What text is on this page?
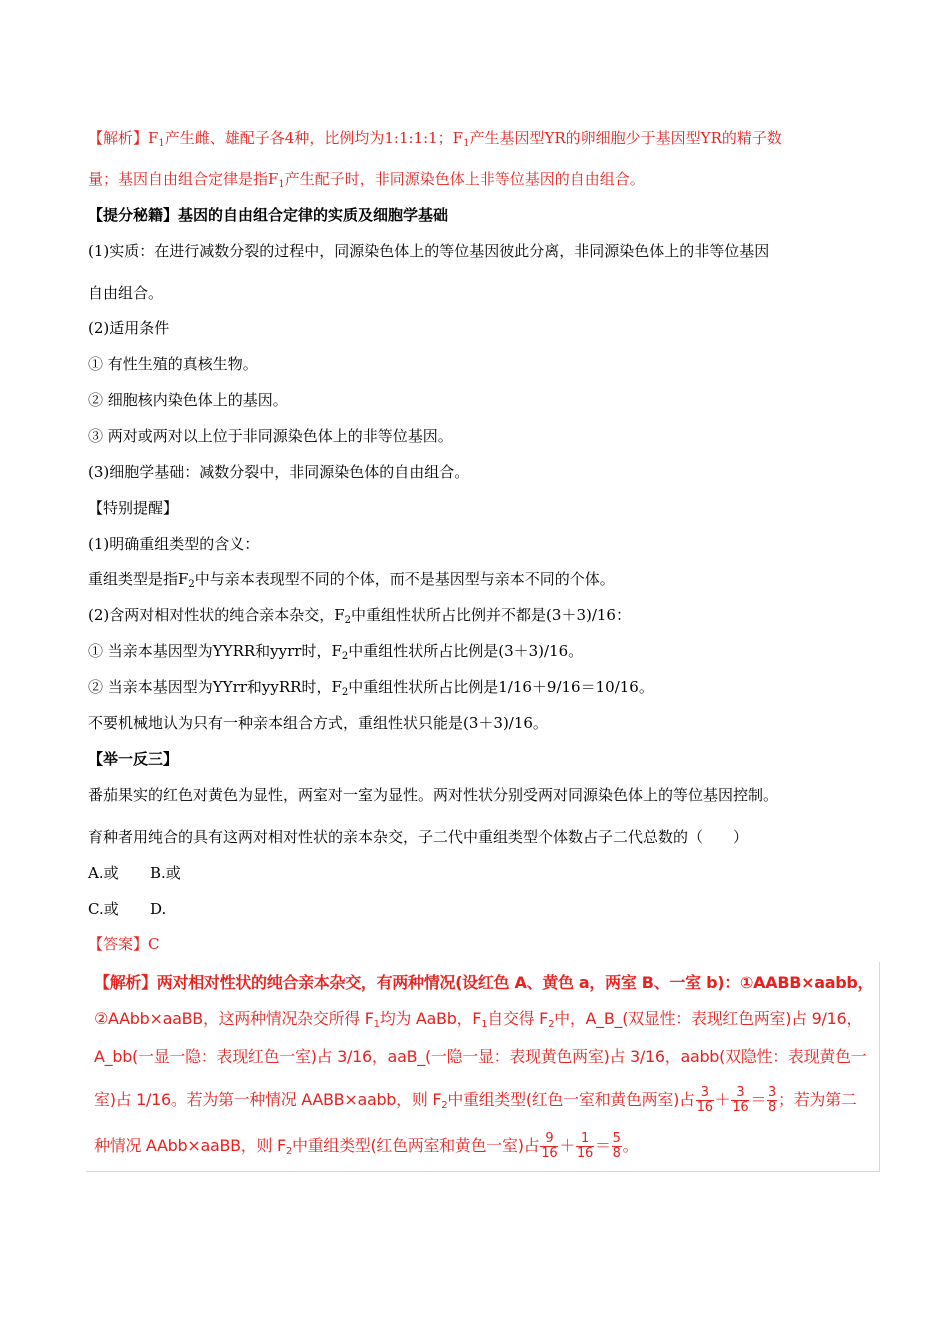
【解析】$F_1$产生雌、雄配子各4种，比例均为1:1:1:1；$F_1$产生基因型YR的卵细胞少于基因型YR的精子数
量；基因自由组合定律是指$F_1$产生配子时，非同源染色体上非等位基因的自由组合。
【提分秘籍】基因的自由组合定律的实质及细胞学基础
(1)实质：在进行减数分裂的过程中，同源染色体上的等位基因彼此分离，非同源染色体上的非等位基因
自由组合。
(2)适用条件
① 有性生殖的真核生物。
② 细胞核内染色体上的基因。
③ 两对或两对以上位于非同源染色体上的非等位基因。
(3)细胞学基础：减数分裂中，非同源染色体的自由组合。
【特别提醒】
(1)明确重组类型的含义：
重组类型是指$F_2$中与亲本表现型不同的个体，而不是基因型与亲本不同的个体。
(2)含两对相对性状的纯合亲本杂交，$F_2$中重组性状所占比例并不都是(3＋3)/16：
① 当亲本基因型为YYRR和yyrr时，$F_2$中重组性状所占比例是(3＋3)/16。
② 当亲本基因型为YYrr和yyRR时，$F_2$中重组性状所占比例是1/16＋9/16＝10/16。
不要机械地认为只有一种亲本组合方式，重组性状只能是(3＋3)/16。
【举一反三】
番茄果实的红色对黄色为显性，两室对一室为显性。两对性状分别受两对同源染色体上的等位基因控制。
育种者用纯合的具有这两对相对性状的亲本杂交，子二代中重组类型个体数占子二代总数的（　　）
A.或 B.或
C.或 D.
【答案】C
【解析】两对相对性状的纯合亲本杂交，有两种情况(设红色 A、黄色 a，两室 B、一室 b)：①AABB×aabb，
②AAbb×aaBB，这两种情况杂交所得 $F_1$均为 AaBb，$F_1$自交得 $F_2$中，A_B_(双显性：表现红色两室)占 9/16，
A_bb(一显一隐：表现红色一室)占 3/16，aaB_(一隐一显：表现黄色两室)占 3/16，aabb(双隐性：表现黄色一
室)占 1/16。若为第一种情况 AABB×aabb，则 $F_2$中重组类型(红色一室和黄色两室)占 $\frac{3}{16} + \frac{3}{16} = \frac{3}{8}$ ；若为第二
种情况 AAbb×aaBB，则 $F_2$中重组类型(红色两室和黄色一室)占 $\frac{9}{16} + \frac{1}{16} = \frac{5}{8}$ 。
